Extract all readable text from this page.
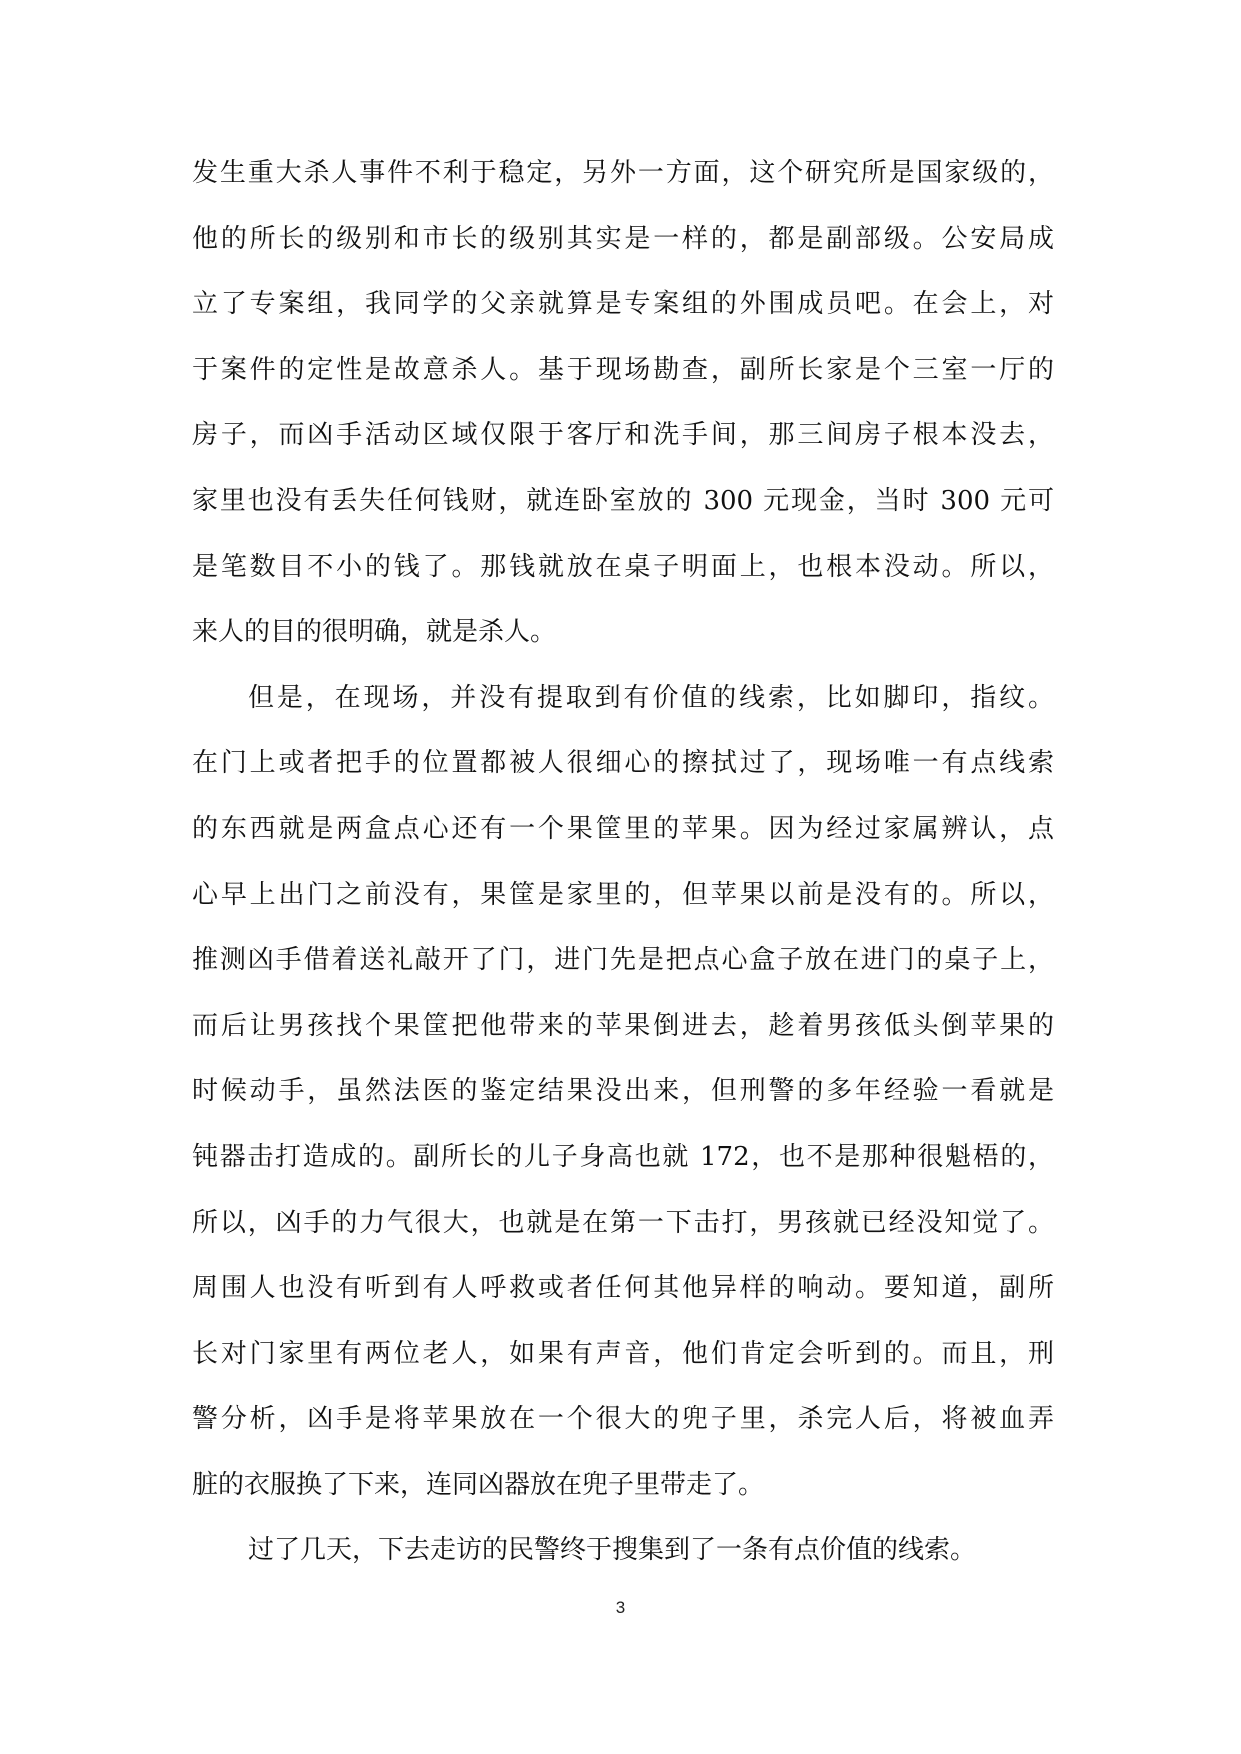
发生重大杀人事件不利于稳定，另外一方面，这个研究所是国家级的，
他的所长的级别和市长的级别其实是一样的，都是副部级。公安局成
立了专案组，我同学的父亲就算是专案组的外围成员吧。在会上，对
于案件的定性是故意杀人。基于现场勘查，副所长家是个三室一厅的
房子，而凶手活动区域仅限于客厅和洗手间，那三间房子根本没去，
家里也没有丢失任何钱财，就连卧室放的 300 元现金，当时 300 元可
是笔数目不小的钱了。那钱就放在桌子明面上，也根本没动。所以，
来人的目的很明确，就是杀人。
但是，在现场，并没有提取到有价值的线索，比如脚印，指纹。
在门上或者把手的位置都被人很细心的擦拭过了，现场唯一有点线索
的东西就是两盒点心还有一个果筐里的苹果。因为经过家属辨认，点
心早上出门之前没有，果筐是家里的，但苹果以前是没有的。所以，
推测凶手借着送礼敲开了门，进门先是把点心盒子放在进门的桌子上，
而后让男孩找个果筐把他带来的苹果倒进去，趁着男孩低头倒苹果的
时候动手，虽然法医的鉴定结果没出来，但刑警的多年经验一看就是
钝器击打造成的。副所长的儿子身高也就 172，也不是那种很魁梧的，
所以，凶手的力气很大，也就是在第一下击打，男孩就已经没知觉了。
周围人也没有听到有人呼救或者任何其他异样的响动。要知道，副所
长对门家里有两位老人，如果有声音，他们肯定会听到的。而且，刑
警分析，凶手是将苹果放在一个很大的兜子里，杀完人后，将被血弄
脏的衣服换了下来，连同凶器放在兜子里带走了。
过了几天，下去走访的民警终于搜集到了一条有点价值的线索。
3
